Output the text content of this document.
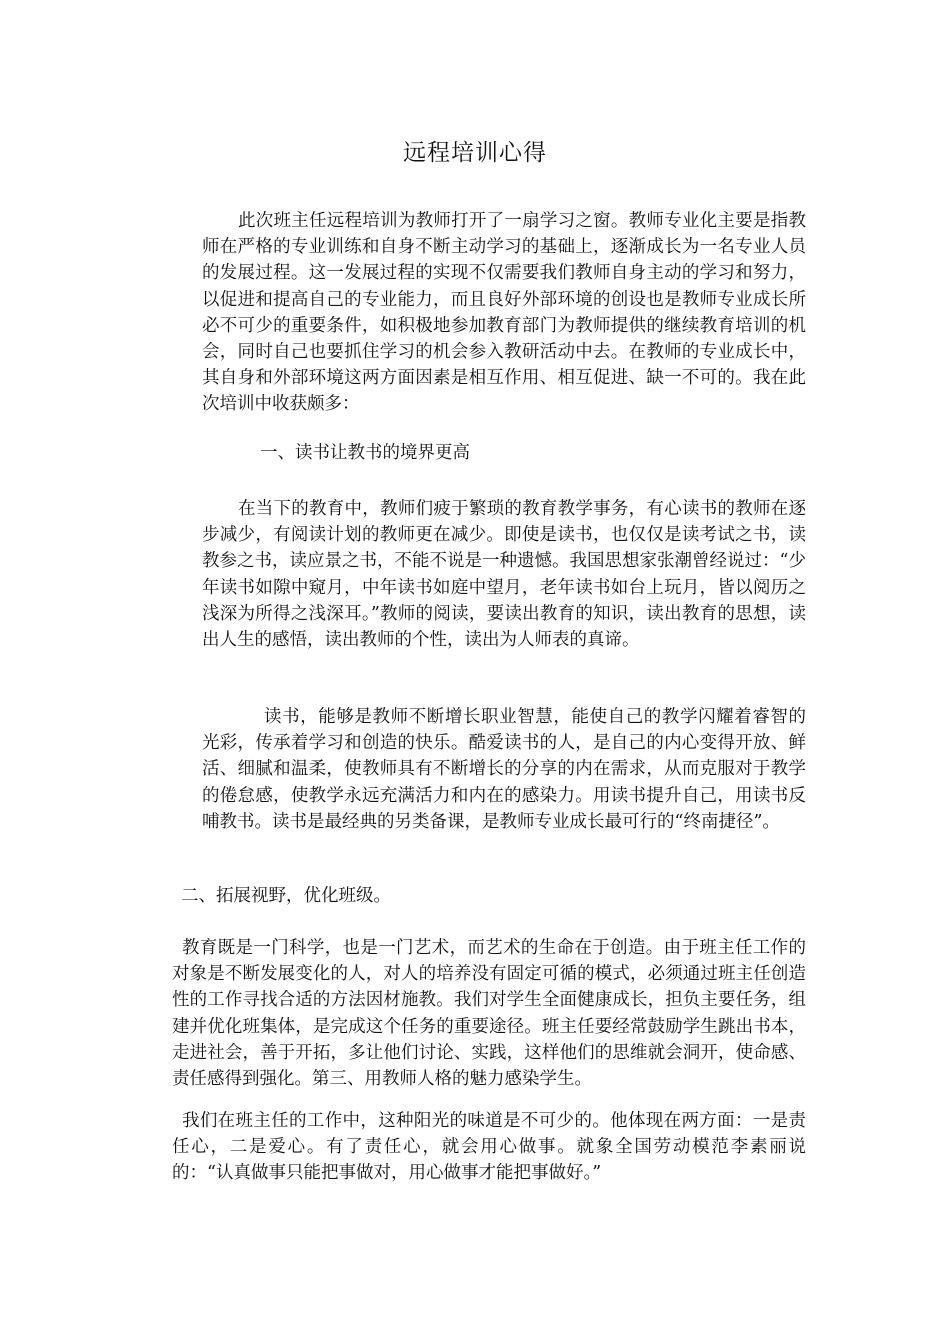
远程培训心得

此次班主任远程培训为教师打开了一扇学习之窗。教师专业化主要是指教师在严格的专业训练和自身不断主动学习的基础上，逐渐成长为一名专业人员的发展过程。这一发展过程的实现不仅需要我们教师自身主动的学习和努力，以促进和提高自己的专业能力，而且良好外部环境的创设也是教师专业成长所必不可少的重要条件，如积极地参加教育部门为教师提供的继续教育培训的机会，同时自己也要抓住学习的机会参入教研活动中去。在教师的专业成长中，其自身和外部环境这两方面因素是相互作用、相互促进、缺一不可的。我在此次培训中收获颇多：

一、读书让教书的境界更高

在当下的教育中，教师们疲于繁琐的教育教学事务，有心读书的教师在逐步减少，有阅读计划的教师更在减少。即使是读书，也仅仅是读考试之书，读教参之书，读应景之书，不能不说是一种遗憾。我国思想家张潮曾经说过：“少年读书如隙中窥月，中年读书如庭中望月，老年读书如台上玩月，皆以阅历之浅深为所得之浅深耳。”教师的阅读，要读出教育的知识，读出教育的思想，读出人生的感悟，读出教师的个性，读出为人师表的真谛。

读书，能够是教师不断增长职业智慧，能使自己的教学闪耀着睿智的光彩，传承着学习和创造的快乐。酷爱读书的人，是自己的内心变得开放、鲜活、细腻和温柔，使教师具有不断增长的分享的内在需求，从而克服对于教学的倦怠感，使教学永远充满活力和内在的感染力。用读书提升自己，用读书反哺教书。读书是最经典的另类备课，是教师专业成长最可行的“终南捷径”。

二、拓展视野，优化班级。

教育既是一门科学，也是一门艺术，而艺术的生命在于创造。由于班主任工作的对象是不断发展变化的人，对人的培养没有固定可循的模式，必须通过班主任创造性的工作寻找合适的方法因材施教。我们对学生全面健康成长，担负主要任务，组建并优化班集体，是完成这个任务的重要途径。班主任要经常鼓励学生跳出书本，走进社会，善于开拓，多让他们讨论、实践，这样他们的思维就会洞开，使命感、责任感得到强化。第三、用教师人格的魅力感染学生。

我们在班主任的工作中，这种阳光的味道是不可少的。他体现在两方面：一是责任心，二是爱心。有了责任心，就会用心做事。就象全国劳动模范李素丽说的：“认真做事只能把事做对，用心做事才能把事做好。”
